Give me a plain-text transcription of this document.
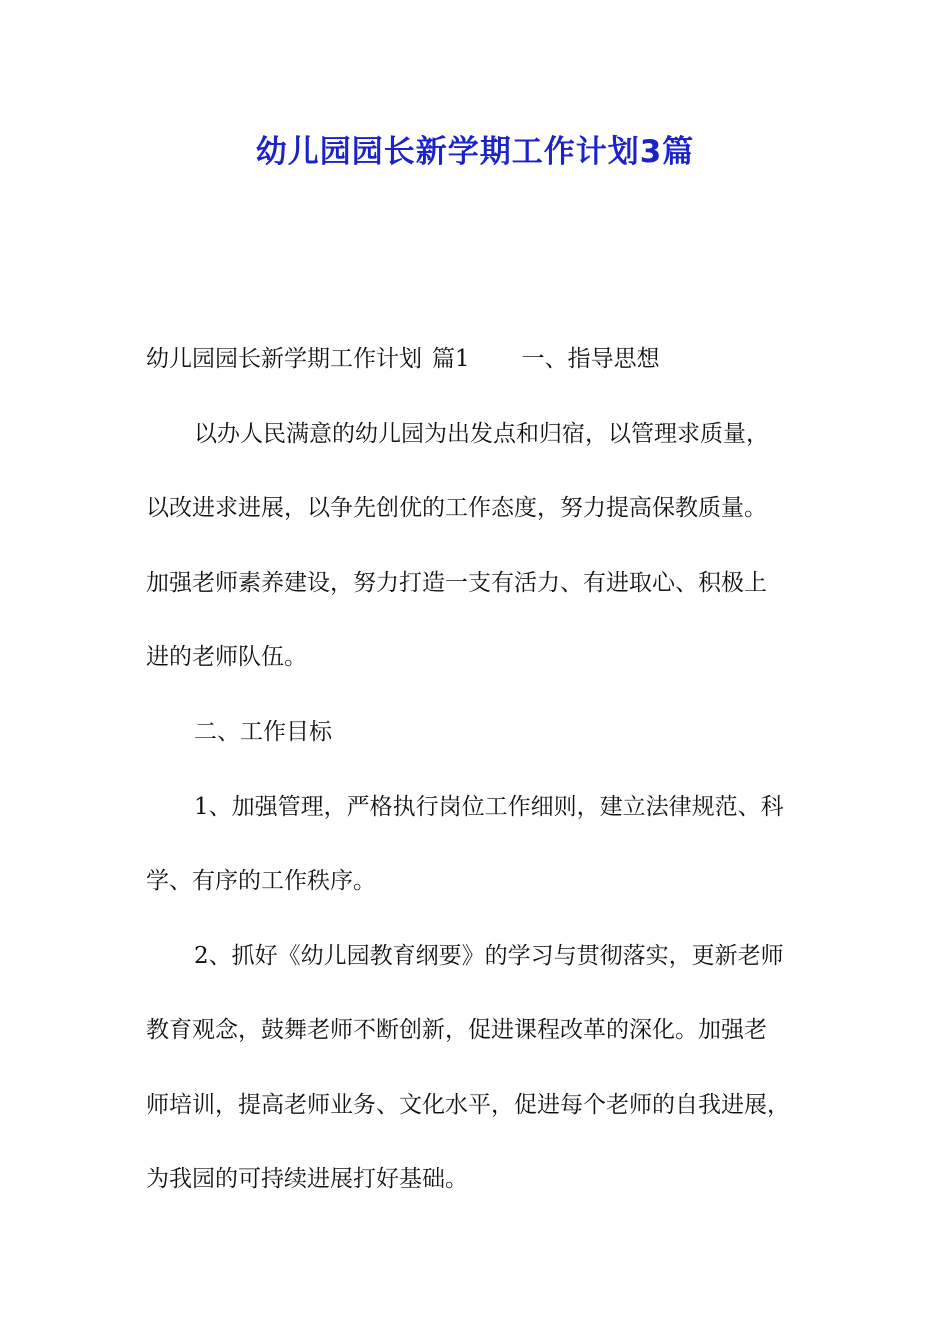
幼儿园园长新学期工作计划3篇
幼儿园园长新学期工作计划 篇1 一、指导思想
以办人民满意的幼儿园为出发点和归宿，以管理求质量，
以改进求进展，以争先创优的工作态度，努力提高保教质量。
加强老师素养建设，努力打造一支有活力、有进取心、积极上
进的老师队伍。
二、工作目标
1、加强管理，严格执行岗位工作细则，建立法律规范、科
学、有序的工作秩序。
2、抓好《幼儿园教育纲要》的学习与贯彻落实，更新老师
教育观念，鼓舞老师不断创新，促进课程改革的深化。加强老
师培训，提高老师业务、文化水平，促进每个老师的自我进展，
为我园的可持续进展打好基础。
